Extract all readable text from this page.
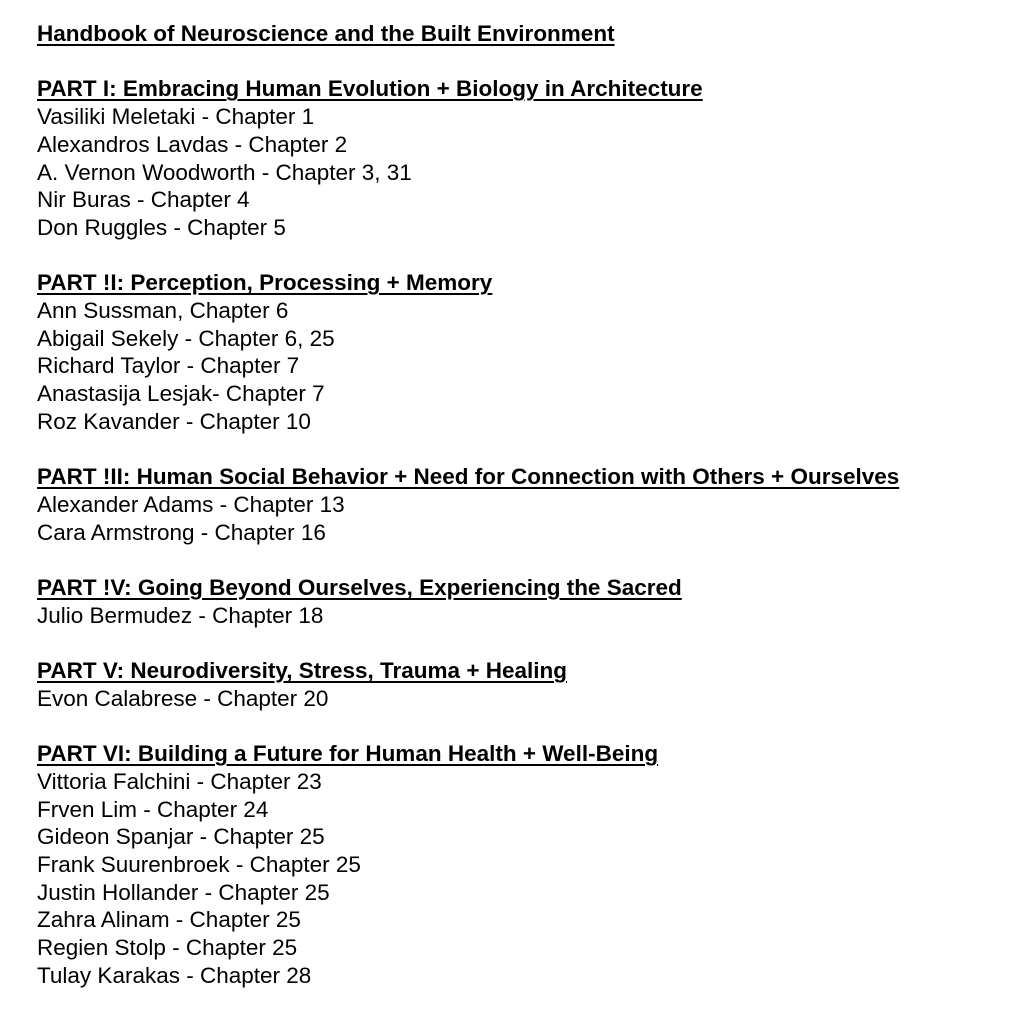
Handbook of Neuroscience and the Built Environment
PART I: Embracing Human Evolution + Biology in Architecture
Vasiliki Meletaki - Chapter 1
Alexandros Lavdas - Chapter 2
A. Vernon Woodworth - Chapter 3, 31
Nir Buras - Chapter 4
Don Ruggles - Chapter 5
PART !I: Perception, Processing + Memory
Ann Sussman, Chapter 6
Abigail Sekely - Chapter 6, 25
Richard Taylor - Chapter 7
Anastasija Lesjak- Chapter 7
Roz Kavander - Chapter 10
PART !II: Human Social Behavior + Need for Connection with Others + Ourselves
Alexander Adams - Chapter 13
Cara Armstrong - Chapter 16
PART !V: Going Beyond Ourselves, Experiencing the Sacred
Julio Bermudez - Chapter 18
PART V: Neurodiversity, Stress, Trauma + Healing
Evon Calabrese - Chapter 20
PART VI: Building a Future for Human Health + Well-Being
Vittoria Falchini - Chapter 23
Frven Lim - Chapter 24
Gideon Spanjar - Chapter 25
Frank Suurenbroek - Chapter 25
Justin Hollander - Chapter 25
Zahra Alinam - Chapter 25
Regien Stolp - Chapter 25
Tulay Karakas - Chapter 28
